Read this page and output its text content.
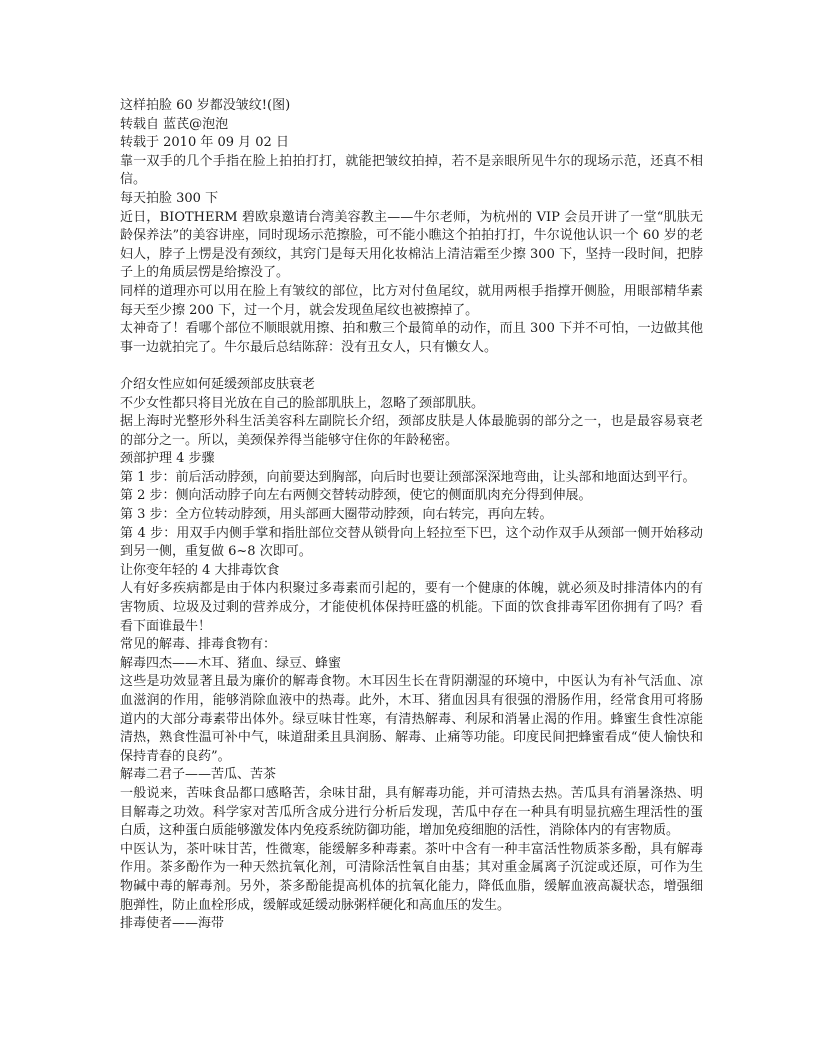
这样拍脸 60 岁都没皱纹!(图)

转载自 蓝芪@泡泡

转载于 2010 年 09 月 02 日

靠一双手的几个手指在脸上拍拍打打，就能把皱纹拍掉，若不是亲眼所见牛尔的现场示范，还真不相信。

每天拍脸 300 下

近日，BIOTHERM 碧欧泉邀请台湾美容教主——牛尔老师，为杭州的 VIP 会员开讲了一堂“肌肤无龄保养法”的美容讲座，同时现场示范擦脸，可不能小瞧这个拍拍打打，牛尔说他认识一个 60 岁的老妇人，脖子上愣是没有颈纹，其窍门是每天用化妆棉沾上清洁霜至少擦 300 下，坚持一段时间，把脖子上的角质层愣是给擦没了。

同样的道理亦可以用在脸上有皱纹的部位，比方对付鱼尾纹，就用两根手指撑开侧脸，用眼部精华素每天至少擦 200 下，过一个月，就会发现鱼尾纹也被擦掉了。

太神奇了！看哪个部位不顺眼就用擦、拍和敷三个最简单的动作，而且 300 下并不可怕，一边做其他事一边就拍完了。牛尔最后总结陈辞：没有丑女人，只有懒女人。

介绍女性应如何延缓颈部皮肤衰老

不少女性都只将目光放在自己的脸部肌肤上，忽略了颈部肌肤。

据上海时光整形外科生活美容科左副院长介绍，颈部皮肤是人体最脆弱的部分之一，也是最容易衰老的部分之一。所以，美颈保养得当能够守住你的年龄秘密。

颈部护理 4 步骤

第 1 步：前后活动脖颈，向前要达到胸部，向后时也要让颈部深深地弯曲，让头部和地面达到平行。

第 2 步：侧向活动脖子向左右两侧交替转动脖颈，使它的侧面肌肉充分得到伸展。

第 3 步：全方位转动脖颈，用头部画大圈带动脖颈，向右转完，再向左转。

第 4 步：用双手内侧手掌和指肚部位交替从锁骨向上轻拉至下巴，这个动作双手从颈部一侧开始移动到另一侧，重复做 6~8 次即可。

让你变年轻的 4 大排毒饮食

人有好多疾病都是由于体内积聚过多毒素而引起的，要有一个健康的体魄，就必须及时排清体内的有害物质、垃圾及过剩的营养成分，才能使机体保持旺盛的机能。下面的饮食排毒军团你拥有了吗？看看下面谁最牛！

常见的解毒、排毒食物有：

解毒四杰——木耳、猪血、绿豆、蜂蜜

这些是功效显著且最为廉价的解毒食物。木耳因生长在背阴潮湿的环境中，中医认为有补气活血、凉血滋润的作用，能够消除血液中的热毒。此外，木耳、猪血因具有很强的滑肠作用，经常食用可将肠道内的大部分毒素带出体外。绿豆味甘性寒，有清热解毒、利尿和消暑止渴的作用。蜂蜜生食性凉能清热，熟食性温可补中气，味道甜柔且具润肠、解毒、止痛等功能。印度民间把蜂蜜看成“使人愉快和保持青春的良药”。

解毒二君子——苦瓜、苦茶

一般说来，苦味食品都口感略苦，余味甘甜，具有解毒功能，并可清热去热。苦瓜具有消暑涤热、明目解毒之功效。科学家对苦瓜所含成分进行分析后发现，苦瓜中存在一种具有明显抗癌生理活性的蛋白质，这种蛋白质能够激发体内免疫系统防御功能，增加免疫细胞的活性，消除体内的有害物质。

中医认为，茶叶味甘苦，性微寒，能缓解多种毒素。茶叶中含有一种丰富活性物质茶多酚，具有解毒作用。茶多酚作为一种天然抗氧化剂，可清除活性氧自由基；其对重金属离子沉淀或还原，可作为生物碱中毒的解毒剂。另外，茶多酚能提高机体的抗氧化能力，降低血脂，缓解血液高凝状态，增强细胞弹性，防止血栓形成，缓解或延缓动脉粥样硬化和高血压的发生。

排毒使者——海带
